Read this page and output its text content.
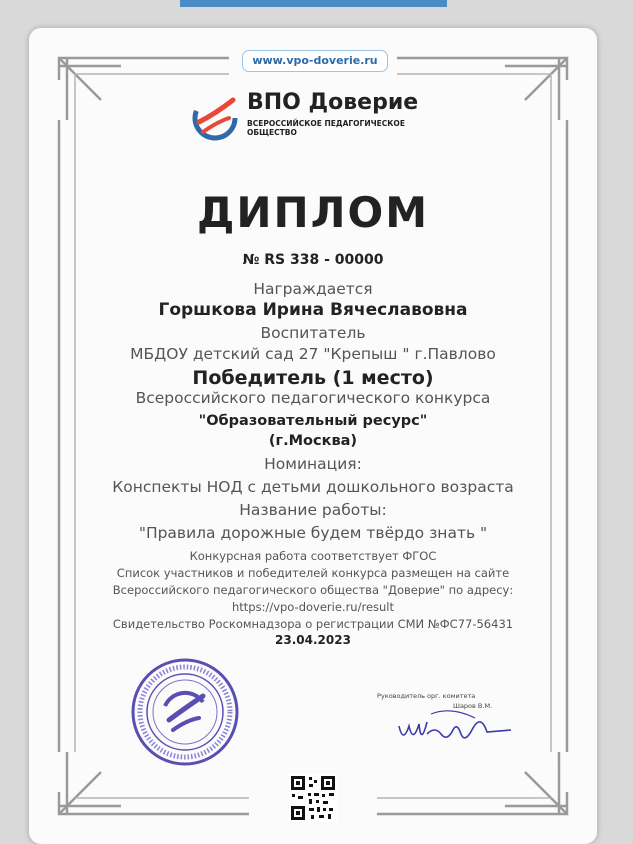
www.vpo-doverie.ru
ВПО Доверие
ВСЕРОССИЙСКОЕ ПЕДАГОГИЧЕСКОЕ ОБЩЕСТВО
ДИПЛОМ
№ RS 338 - 00000
Награждается
Горшкова Ирина Вячеславовна
Воспитатель
МБДОУ детский сад 27 "Крепыш " г.Павлово
Победитель (1 место)
Всероссийского педагогического конкурса
"Образовательный ресурс"
(г.Москва)
Номинация:
Конспекты НОД с детьми дошкольного возраста
Название работы:
"Правила дорожные будем твёрдо знать "
Конкурсная работа соответствует ФГОС
Список участников и победителей конкурса размещен на сайте
Всероссийского педагогического общества "Доверие" по адресу:
https://vpo-doverie.ru/result
Свидетельство Роскомнадзора о регистрации СМИ №ФС77-56431
23.04.2023
Руководитель орг. комитета
Шаров В.М.
